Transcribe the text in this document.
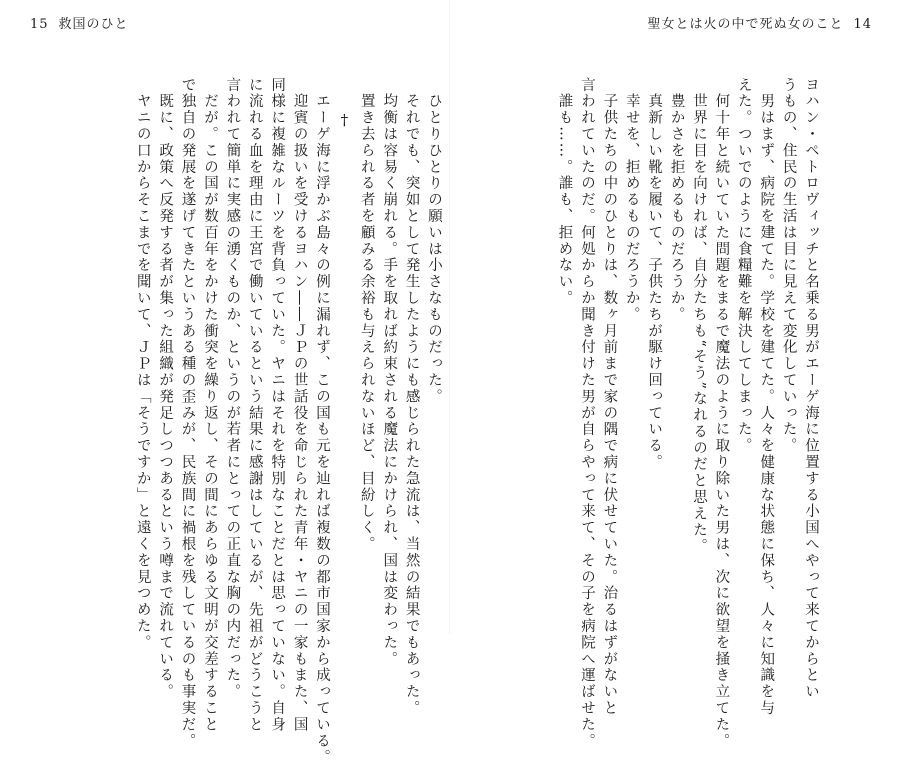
15 救国のひと	聖女とは火の中で死ぬ女のこと 14
ヨハン・ペトロヴィッチと名乗る男がエーゲ海に位置する小国へやって来てからとい
うもの、住民の生活は目に見えて変化していった。
　男はまず、病院を建てた。学校を建てた。人々を健康な状態に保ち、人々に知識を与
えた。ついでのように食糧難を解決してしまった。
　何十年と続いていた問題をまるで魔法のように取り除いた男は、次に欲望を掻き立てた。
　世界に目を向ければ、自分たちも“そう”なれるのだと思えた。
　豊かさを拒めるものだろうか。
　真新しい靴を履いて、子供たちが駆け回っている。
　幸せを、拒めるものだろうか。
　子供たちの中のひとりは、数ヶ月前まで家の隅で病に伏せていた。治るはずがないと
言われていたのだ。何処からか聞き付けた男が自らやって来て、その子を病院へ運ばせた。
　誰も……。誰も、拒めない。
　ひとりひとりの願いは小さなものだった。
　それでも、突如として発生したようにも感じられた急流は、当然の結果でもあった。
　均衡は容易く崩れる。手を取れば約束される魔法にかけられ、国は変わった。
　置き去られる者を顧みる余裕も与えられないほど、目紛しく。
†
　エーゲ海に浮かぶ島々の例に漏れず、この国も元を辿れば複数の都市国家から成っている。
　迎賓の扱いを受けるヨハン――ＪＰの世話役を命じられた青年・ヤニの一家もまた、国
同様に複雑なルーツを背負っていた。ヤニはそれを特別なことだとは思っていない。自身
に流れる血を理由に王宮で働いているという結果に感謝はしているが、先祖がどうこうと
言われて簡単に実感の湧くものか、というのが若者にとっての正直な胸の内だった。
　だが。この国が数百年をかけた衝突を繰り返し、その間にあらゆる文明が交差すること
で独自の発展を遂げてきたというある種の歪みが、民族間に禍根を残しているのも事実だ。
　既に、政策へ反発する者が集った組織が発足しつつあるという噂まで流れている。
　ヤニの口からそこまでを聞いて、ＪＰは「そうですか」と遠くを見つめた。
